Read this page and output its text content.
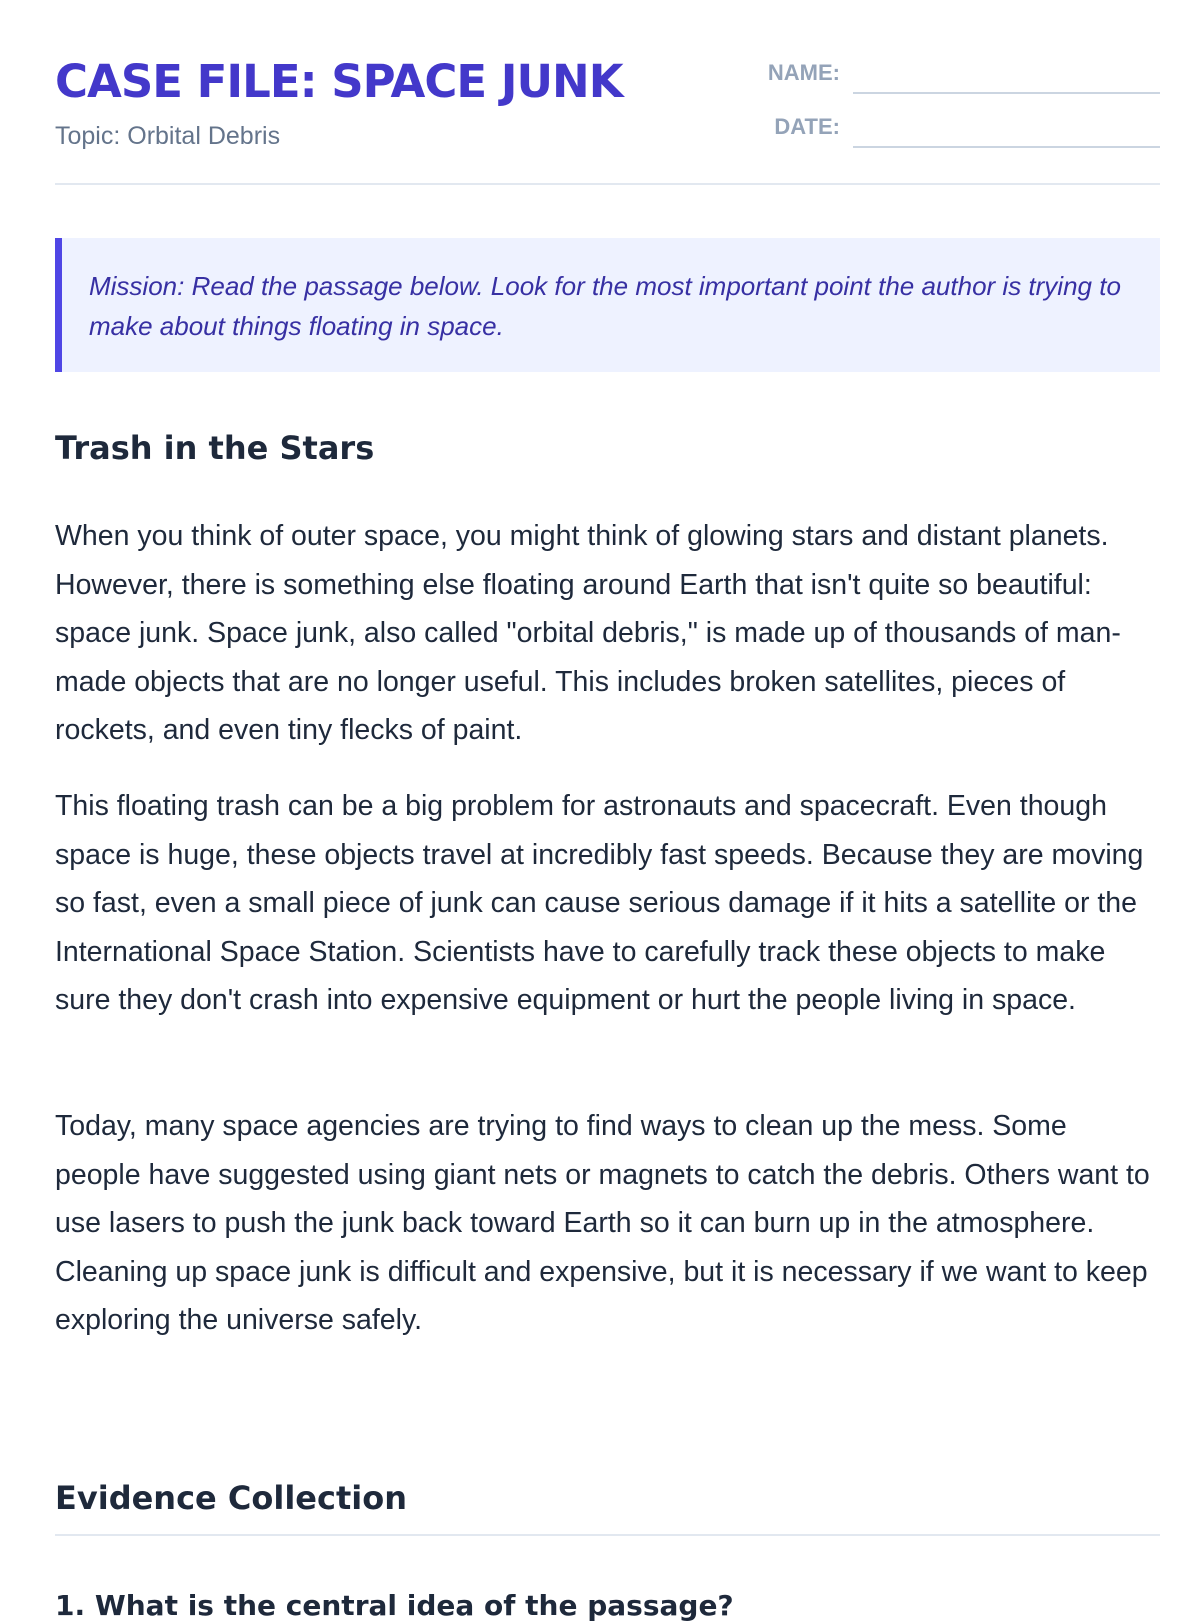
CASE FILE: SPACE JUNK
Topic: Orbital Debris
NAME:
DATE:
Mission: Read the passage below. Look for the most important point the author is trying to make about things floating in space.
Trash in the Stars

When you think of outer space, you might think of glowing stars and distant planets. However, there is something else floating around Earth that isn't quite so beautiful: space junk. Space junk, also called "orbital debris," is made up of thousands of man-made objects that are no longer useful. This includes broken satellites, pieces of rockets, and even tiny flecks of paint.

This floating trash can be a big problem for astronauts and spacecraft. Even though space is huge, these objects travel at incredibly fast speeds. Because they are moving so fast, even a small piece of junk can cause serious damage if it hits a satellite or the International Space Station. Scientists have to carefully track these objects to make sure they don't crash into expensive equipment or hurt the people living in space.

Today, many space agencies are trying to find ways to clean up the mess. Some people have suggested using giant nets or magnets to catch the debris. Others want to use lasers to push the junk back toward Earth so it can burn up in the atmosphere. Cleaning up space junk is difficult and expensive, but it is necessary if we want to keep exploring the universe safely.

Evidence Collection
1. What is the central idea of the passage?
